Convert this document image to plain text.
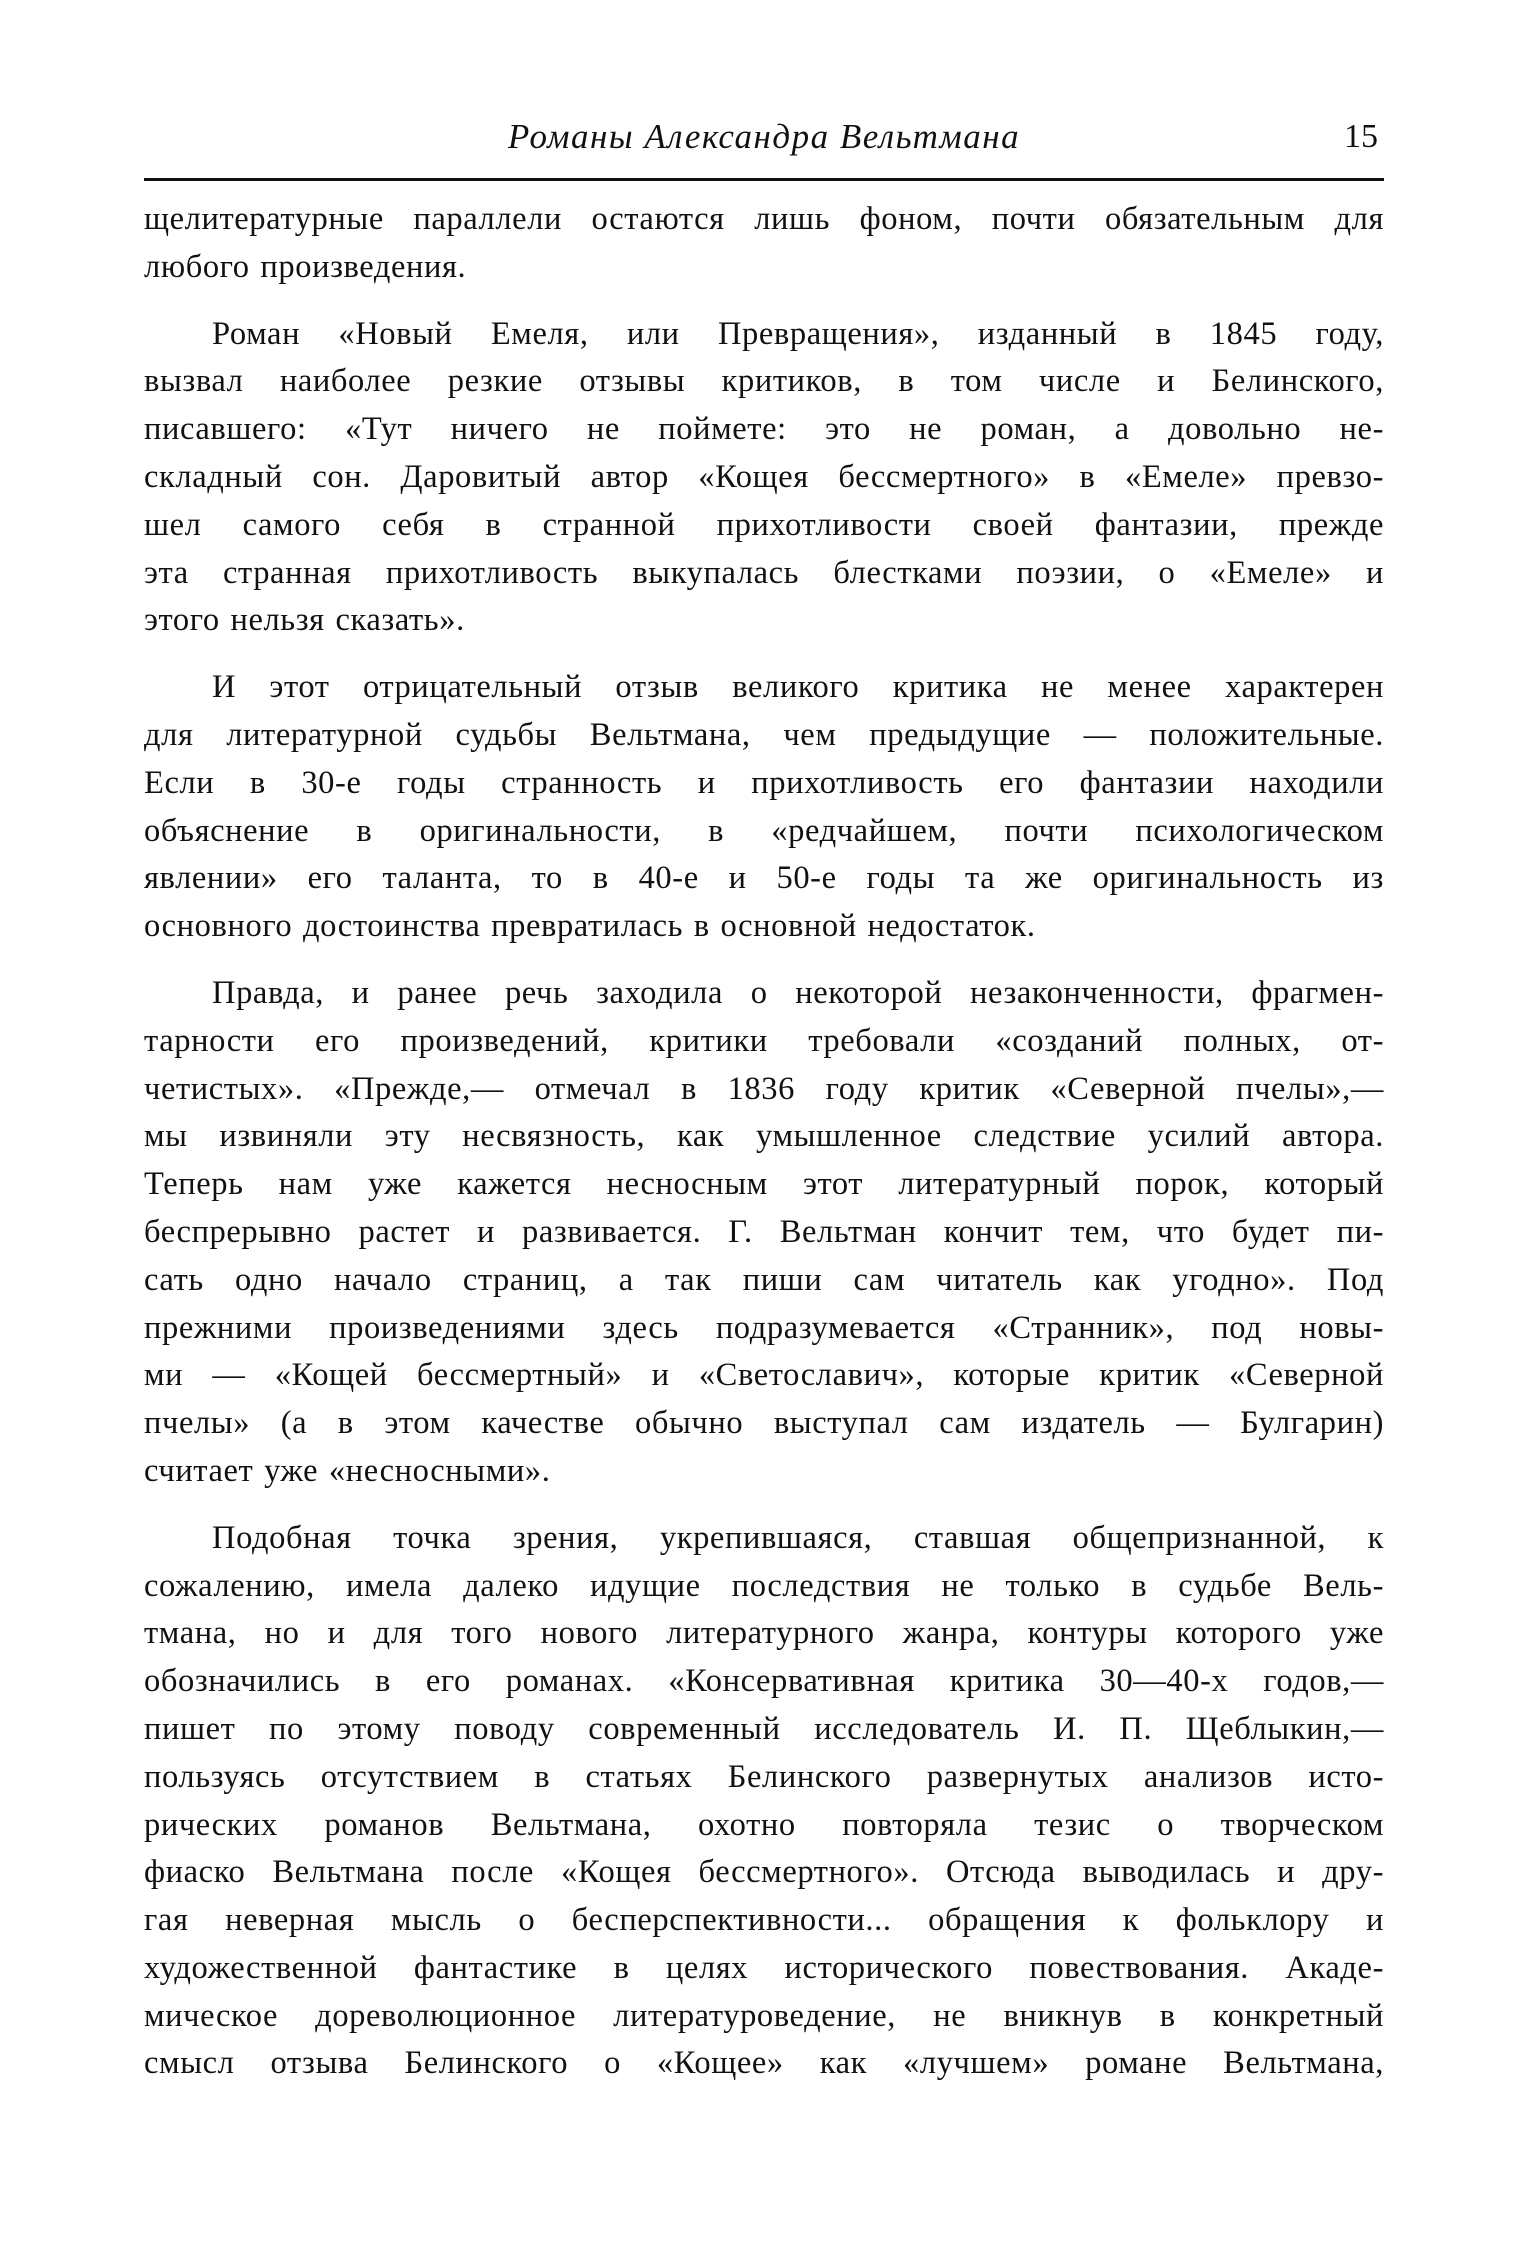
Романы Александра Вельтмана	15

щелитературные параллели остаются лишь фоном, почти обязательным для
любого произведения.

Роман «Новый Емеля, или Превращения», изданный в 1845 году,
вызвал наиболее резкие отзывы критиков, в том числе и Белинского,
писавшего: «Тут ничего не поймете: это не роман, а довольно не-
складный сон. Даровитый автор «Кощея бессмертного» в «Емеле» превзо-
шел самого себя в странной прихотливости своей фантазии, прежде
эта странная прихотливость выкупалась блестками поэзии, о «Емеле» и
этого нельзя сказать».

И этот отрицательный отзыв великого критика не менее характерен
для литературной судьбы Вельтмана, чем предыдущие — положительные.
Если в 30-е годы странность и прихотливость его фантазии находили
объяснение в оригинальности, в «редчайшем, почти психологическом
явлении» его таланта, то в 40-е и 50-е годы та же оригинальность из
основного достоинства превратилась в основной недостаток.

Правда, и ранее речь заходила о некоторой незаконченности, фрагмен-
тарности его произведений, критики требовали «созданий полных, от-
четистых». «Прежде,— отмечал в 1836 году критик «Северной пчелы»,—
мы извиняли эту несвязность, как умышленное следствие усилий автора.
Теперь нам уже кажется несносным этот литературный порок, который
беспрерывно растет и развивается. Г. Вельтман кончит тем, что будет пи-
сать одно начало страниц, а так пиши сам читатель как угодно». Под
прежними произведениями здесь подразумевается «Странник», под новы-
ми — «Кощей бессмертный» и «Светославич», которые критик «Северной
пчелы» (а в этом качестве обычно выступал сам издатель — Булгарин)
считает уже «несносными».

Подобная точка зрения, укрепившаяся, ставшая общепризнанной, к
сожалению, имела далеко идущие последствия не только в судьбе Вель-
тмана, но и для того нового литературного жанра, контуры которого уже
обозначились в его романах. «Консервативная критика 30—40-х годов,—
пишет по этому поводу современный исследователь И. П. Щеблыкин,—
пользуясь отсутствием в статьях Белинского развернутых анализов исто-
рических романов Вельтмана, охотно повторяла тезис о творческом
фиаско Вельтмана после «Кощея бессмертного». Отсюда выводилась и дру-
гая неверная мысль о бесперспективности... обращения к фольклору и
художественной фантастике в целях исторического повествования. Акаде-
мическое дореволюционное литературоведение, не вникнув в конкретный
смысл отзыва Белинского о «Кощее» как «лучшем» романе Вельтмана,
